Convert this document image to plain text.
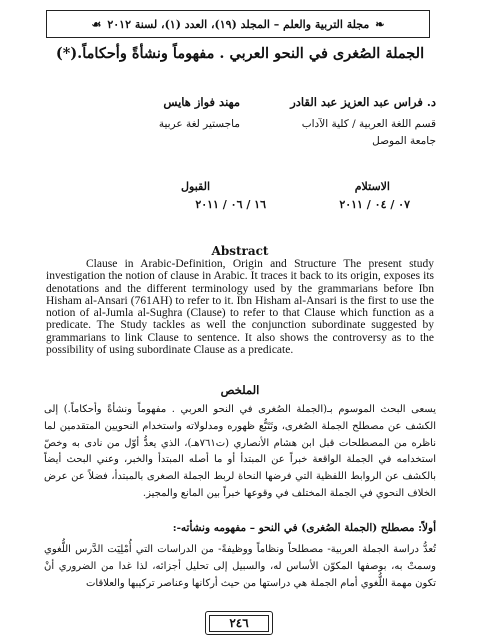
❧
مجلة التربية والعلم – المجلد (١٩)، العدد (١)، لسنة ٢٠١٢
☙
الجملة الصُغرى في النحو العربي . مفهوماً ونشأةً وأحكاماً.(*)
د. فراس عبد العزيز عبد القادر
قسم اللغة العربية / كلية الآداب
جامعة الموصل
مهند فواز هايس
ماجستير لغة عربية
الاستلام
٠٧ / ٠٤ / ٢٠١١
القبول
١٦ / ٠٦ / ٢٠١١
Abstract
Clause in Arabic-Definition, Origin and Structure The present study investigation the notion of clause in Arabic. It traces it back to its origin, exposes its denotations and the different terminology used by the grammarians before Ibn Hisham al-Ansari (761AH) to refer to it. Ibn Hisham al-Ansari is the first to use the notion of al-Jumla al-Sughra (Clause) to refer to that Clause which function as a predicate. The Study tackles as well the conjunction subordinate suggested by grammarians to link Clause to sentence. It also shows the controversy as to the possibility of using subordinate Clause as a predicate.
الملخص
يسعى البحث الموسوم بـ(الجملة الصُغرى في النحو العربي . مفهوماً ونشأةً وأحكاماً.) إلى الكشف عن مصطلح الجملة الصُغرى، وتَتَبُّع ظهوره ومدلولاته واستخدام النحويين المتقدمين لما ناظره من المصطلحات قبل ابن هشام الأنصاري (ت٧٦١هـ)، الذي يعدُّ أوّل من نادى به وخصّ استخدامه في الجملة الواقعة خبراً عن المبتدأ أو ما أصله المبتدأ والخبر، وعني البحث أيضاً بالكشف عن الروابط اللفظية التي فرضها النحاة لربط الجملة الصغرى بالمبتدأ، فضلاً عن عرض الخلاف النحوي في الجملة المختلف في وقوعها خبراً بين المانع والمجيز.
أولاً: مصطلح (الجملة الصُغرى) في النحو – مفهومه ونشأته-:
تُعدُّ دراسة الجملة العربية- مصطلحاً ونظاماً ووظيفةً- من الدراسات التي أُمْلِيَت الدَّرس اللُّغوي وسمتْ به، بوصفها المكوّن الأساس له، والسبيل إلى تحليل أجزائه، لذا غدا من الضروري أنْ تكون مهمة اللُّغوي أمام الجملة هي دراستها من حيث أركانها وعناصر تركيبها والعلاقات
٢٤٦
